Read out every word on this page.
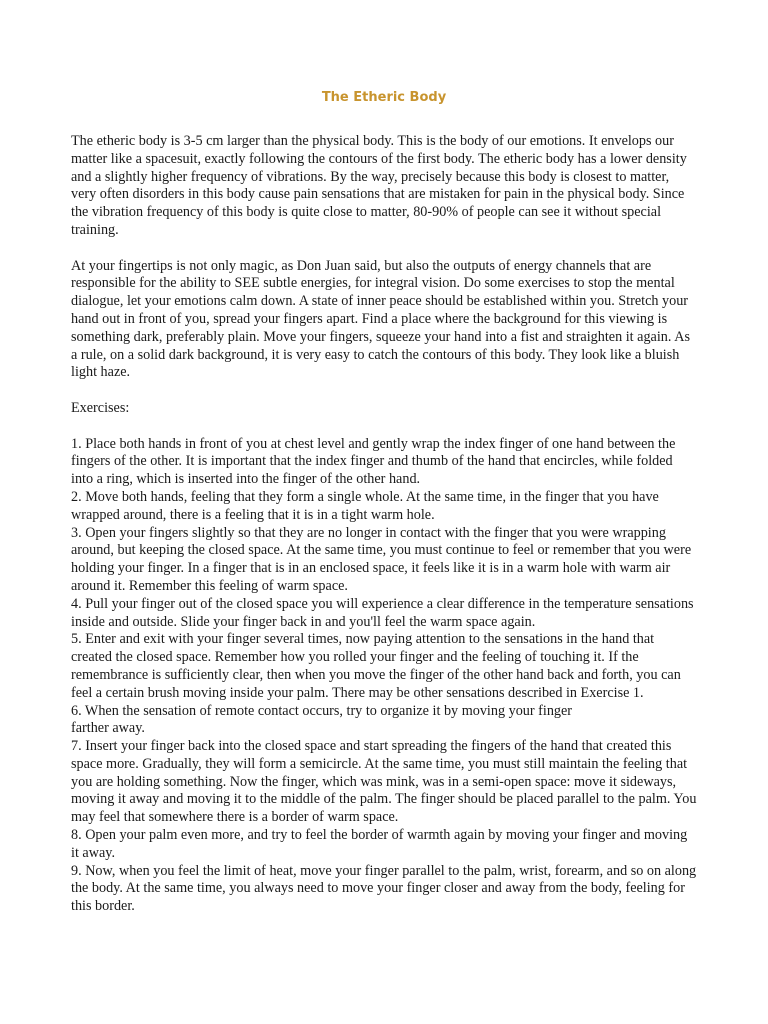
The Etheric Body

The etheric body is 3-5 cm larger than the physical body. This is the body of our emotions. It envelops our matter like a spacesuit, exactly following the contours of the first body. The etheric body has a lower density and a slightly higher frequency of vibrations. By the way, precisely because this body is closest to matter, very often disorders in this body cause pain sensations that are mistaken for pain in the physical body. Since the vibration frequency of this body is quite close to matter, 80-90% of people can see it without special training.

At your fingertips is not only magic, as Don Juan said, but also the outputs of energy channels that are responsible for the ability to SEE subtle energies, for integral vision. Do some exercises to stop the mental dialogue, let your emotions calm down. A state of inner peace should be established within you. Stretch your hand out in front of you, spread your fingers apart. Find a place where the background for this viewing is something dark, preferably plain. Move your fingers, squeeze your hand into a fist and straighten it again. As a rule, on a solid dark background, it is very easy to catch the contours of this body. They look like a bluish light haze.

Exercises:

1. Place both hands in front of you at chest level and gently wrap the index finger of one hand between the fingers of the other. It is important that the index finger and thumb of the hand that encircles, while folded into a ring, which is inserted into the finger of the other hand.
2. Move both hands, feeling that they form a single whole. At the same time, in the finger that you have wrapped around, there is a feeling that it is in a tight warm hole.
3. Open your fingers slightly so that they are no longer in contact with the finger that you were wrapping around, but keeping the closed space. At the same time, you must continue to feel or remember that you were holding your finger. In a finger that is in an enclosed space, it feels like it is in a warm hole with warm air around it. Remember this feeling of warm space.
4. Pull your finger out of the closed space you will experience a clear difference in the temperature sensations inside and outside. Slide your finger back in and you'll feel the warm space again.
5. Enter and exit with your finger several times, now paying attention to the sensations in the hand that created the closed space. Remember how you rolled your finger and the feeling of touching it. If the remembrance is sufficiently clear, then when you move the finger of the other hand back and forth, you can feel a certain brush moving inside your palm. There may be other sensations described in Exercise 1.
6. When the sensation of remote contact occurs, try to organize it by moving your finger
farther away.
7. Insert your finger back into the closed space and start spreading the fingers of the hand that created this space more. Gradually, they will form a semicircle. At the same time, you must still maintain the feeling that you are holding something. Now the finger, which was mink, was in a semi-open space: move it sideways, moving it away and moving it to the middle of the palm. The finger should be placed parallel to the palm. You may feel that somewhere there is a border of warm space.
8. Open your palm even more, and try to feel the border of warmth again by moving your finger and moving it away.
9. Now, when you feel the limit of heat, move your finger parallel to the palm, wrist, forearm, and so on along the body. At the same time, you always need to move your finger closer and away from the body, feeling for this border.
